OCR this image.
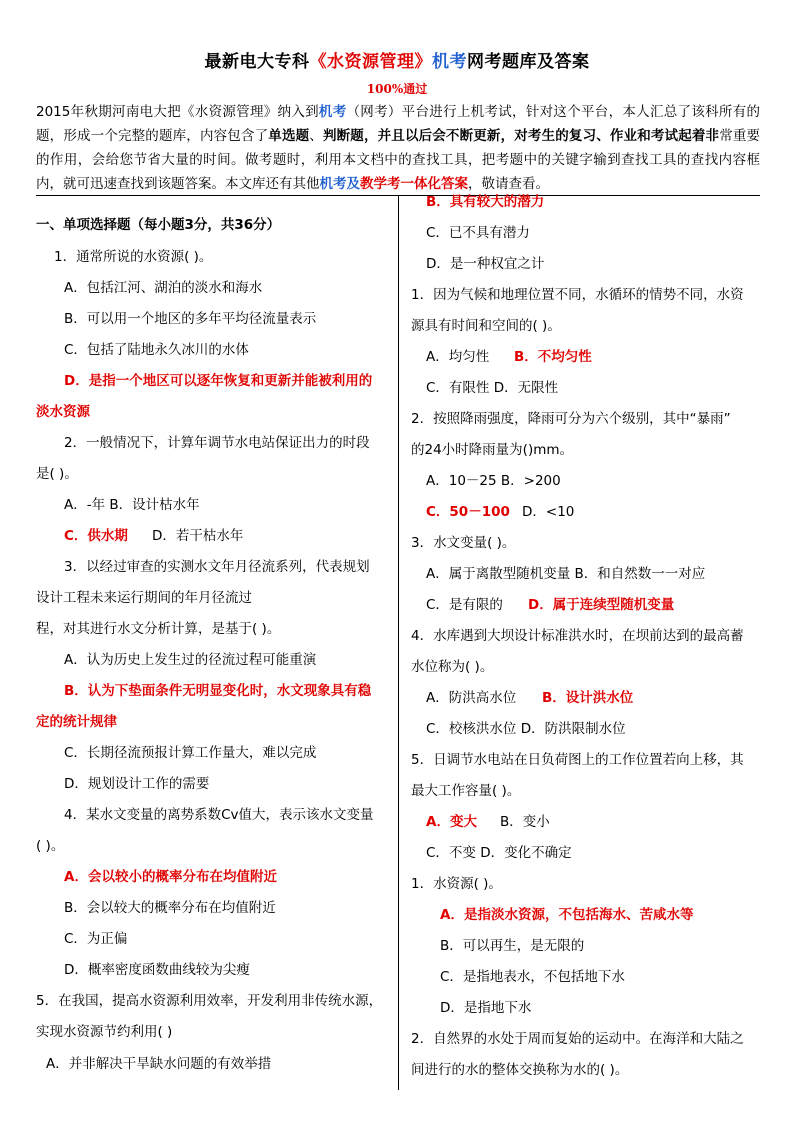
最新电大专科《水资源管理》机考网考题库及答案
100%通过
2015年秋期河南电大把《水资源管理》纳入到机考（网考）平台进行上机考试，针对这个平台，本人汇总了该科所有的题，形成一个完整的题库，内容包含了单选题、判断题，并且以后会不断更新，对考生的复习、作业和考试起着非常重要的作用，会给您节省大量的时间。做考题时，利用本文档中的查找工具，把考题中的关键字输到查找工具的查找内容框内，就可迅速查找到该题答案。本文库还有其他机考及教学考一体化答案，敬请查看。
一、单项选择题（每小题3分，共36分）
1．通常所说的水资源( )。
A．包括江河、湖泊的淡水和海水
B．可以用一个地区的多年平均径流量表示
C．包括了陆地永久冰川的水体
D．是指一个地区可以逐年恢复和更新并能被利用的
淡水资源
2．一般情况下，计算年调节水电站保证出力的时段
是( )。
A．-年 B．设计枯水年
C．供水期 D．若干枯水年
3．以经过审查的实测水文年月径流系列，代表规划
设计工程未来运行期间的年月径流过
程，对其进行水文分析计算，是基于( )。
A．认为历史上发生过的径流过程可能重演
B．认为下垫面条件无明显变化时，水文现象具有稳
定的统计规律
C．长期径流预报计算工作量大，难以完成
D．规划设计工作的需要
4．某水文变量的离势系数Cv值大，表示该水文变量
( )。
A．会以较小的概率分布在均值附近
B．会以较大的概率分布在均值附近
C．为正偏
D．概率密度函数曲线较为尖瘦
5．在我国，提高水资源利用效率，开发利用非传统水源，
实现水资源节约利用( )
A．并非解决干旱缺水问题的有效举措
B．具有较大的潜力
C．已不具有潜力
D．是一种权宜之计
1．因为气候和地理位置不同，水循环的情势不同，水资
源具有时间和空间的( )。
A．均匀性 B．不均匀性
C．有限性 D．无限性
2．按照降雨强度，降雨可分为六个级别，其中“暴雨”
的24小时降雨量为()mm。
A．10－25 B．>200
C．50－100 D．<10
3．水文变量( )。
A．属于离散型随机变量 B．和自然数一一对应
C．是有限的 D．属于连续型随机变量
4．水库遇到大坝设计标准洪水时，在坝前达到的最高蓄
水位称为( )。
A．防洪高水位 B．设计洪水位
C．校核洪水位 D．防洪限制水位
5．日调节水电站在日负荷图上的工作位置若向上移，其
最大工作容量( )。
A．变大 B．变小
C．不变 D．变化不确定
1．水资源( )。
A．是指淡水资源，不包括海水、苦咸水等
B．可以再生，是无限的
C．是指地表水，不包括地下水
D．是指地下水
2．自然界的水处于周而复始的运动中。在海洋和大陆之
间进行的水的整体交换称为水的( )。
